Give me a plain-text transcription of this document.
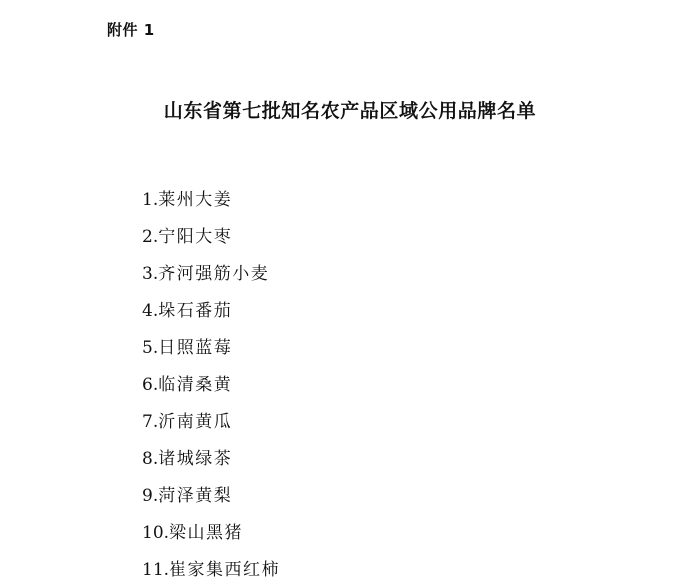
附件 1
山东省第七批知名农产品区域公用品牌名单
1. 莱州大姜
2. 宁阳大枣
3. 齐河强筋小麦
4. 垛石番茄
5. 日照蓝莓
6. 临清桑黄
7. 沂南黄瓜
8. 诸城绿茶
9. 菏泽黄梨
10. 梁山黑猪
11. 崔家集西红柿
